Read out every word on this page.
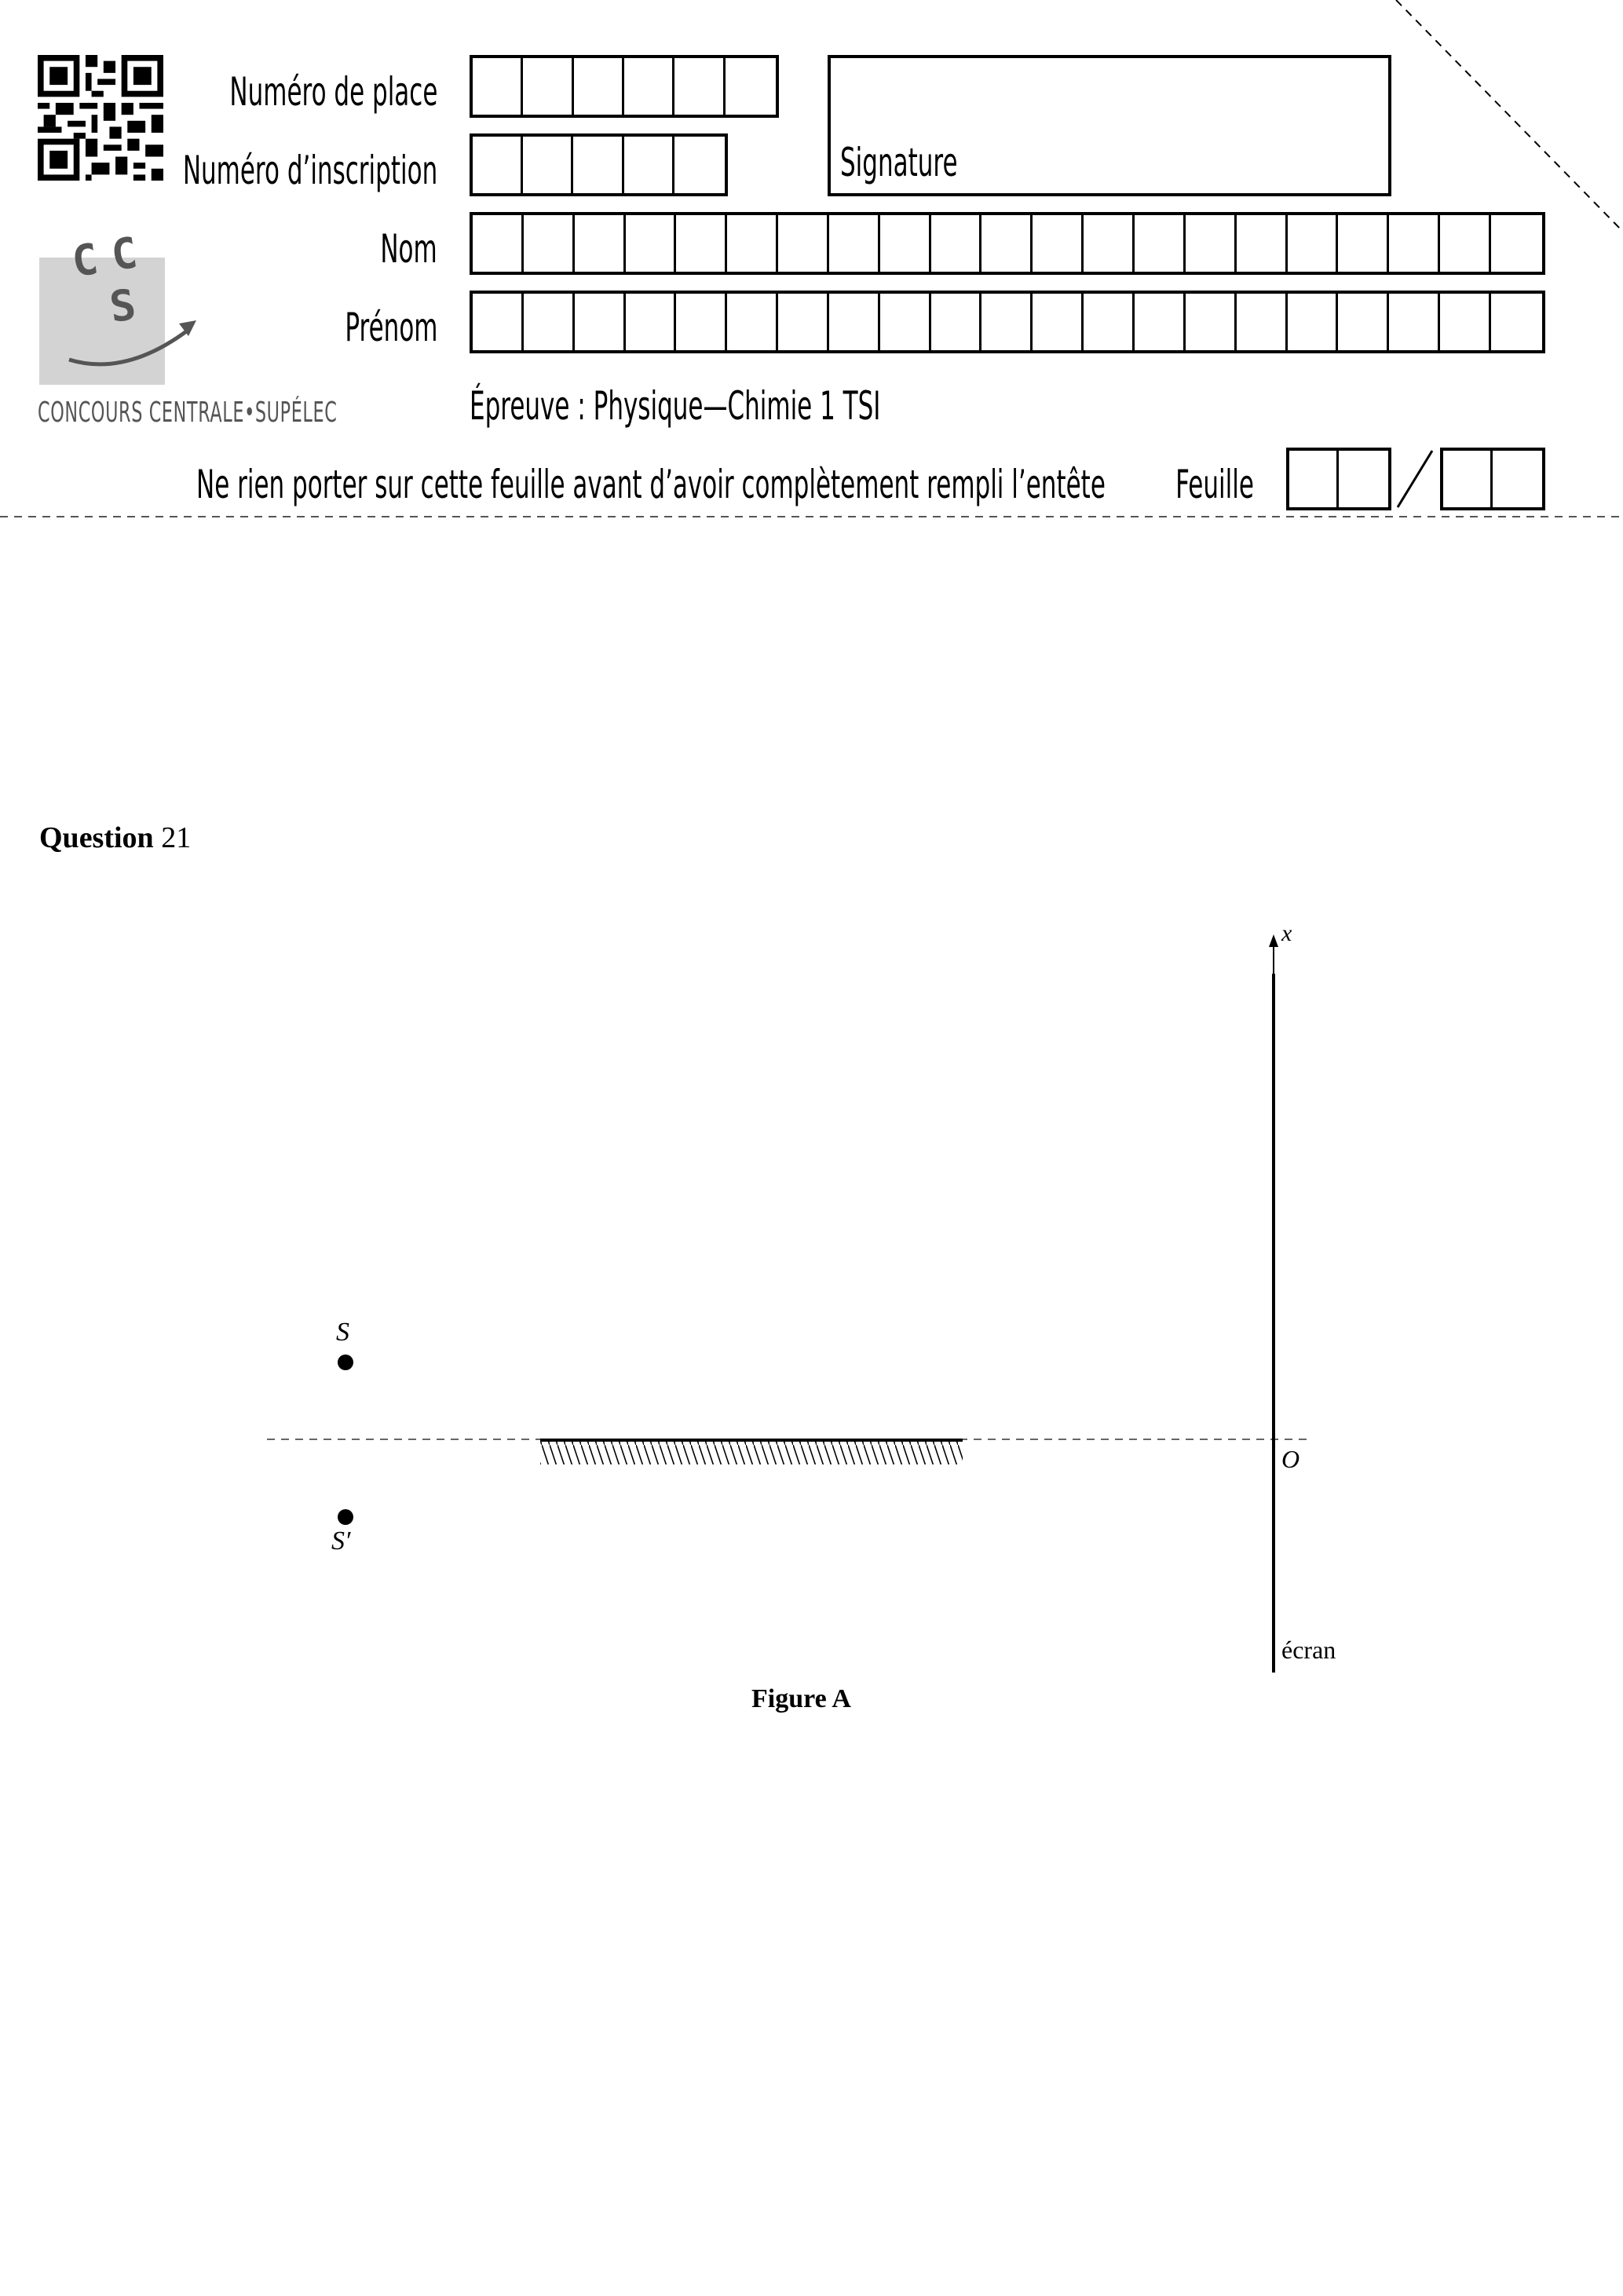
C C
S
CONCOURS CENTRALE•SUPÉLEC
Numéro de place
Numéro d’inscription
Nom
Prénom
Signature
Épreuve : Physique—Chimie 1 TSI
Ne rien porter sur cette feuille avant d’avoir complètement rempli l’entête Feuille
Question 21
S
S′
x
O
écran
Figure A
